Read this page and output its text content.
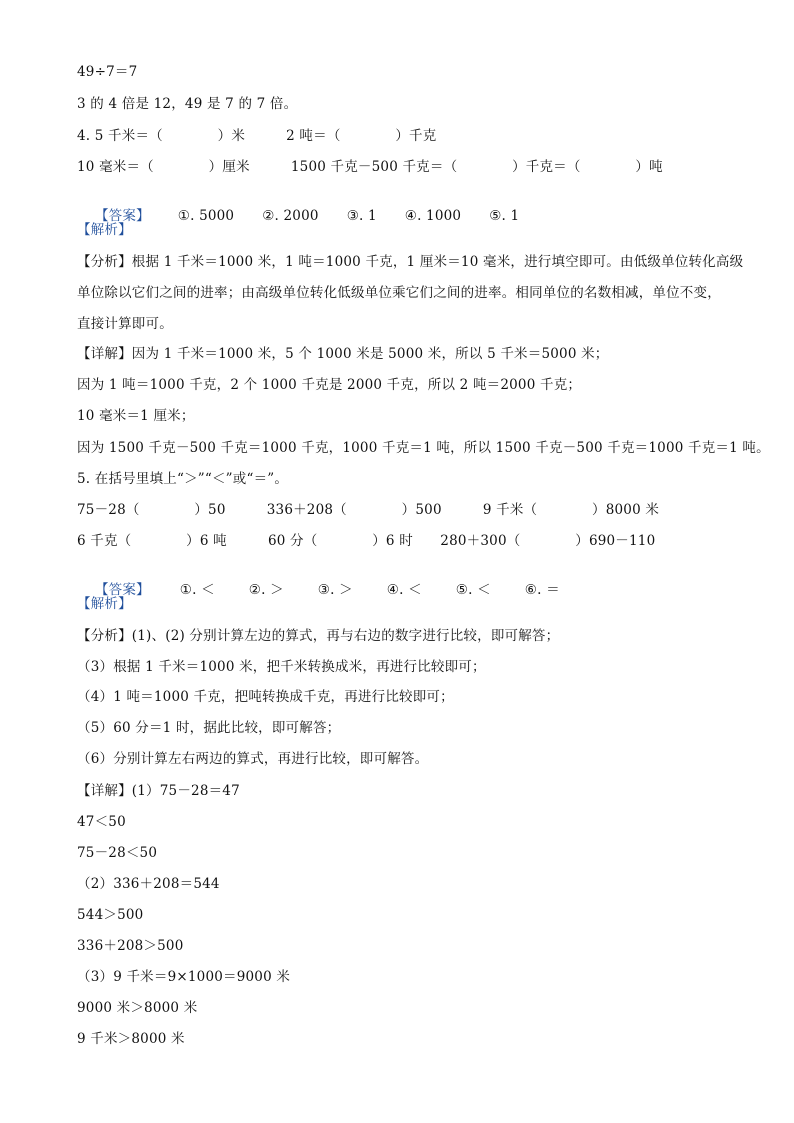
49÷7＝7
3 的 4 倍是 12，49 是 7 的 7 倍。
4. 5 千米＝（　　　　）米　　　2 吨＝（　　　　）千克
10 毫米＝（　　　　）厘米　　　1500 千克－500 千克＝（　　　　）千克＝（　　　　）吨

【答案】 ①. 5000 ②. 2000 ③. 1 ④. 1000 ⑤. 1

【解析】
【分析】根据 1 千米＝1000 米，1 吨＝1000 千克，1 厘米＝10 毫米，进行填空即可。由低级单位转化高级
单位除以它们之间的进率；由高级单位转化低级单位乘它们之间的进率。相同单位的名数相减，单位不变，
直接计算即可。
【详解】因为 1 千米＝1000 米，5 个 1000 米是 5000 米，所以 5 千米＝5000 米；
因为 1 吨＝1000 千克，2 个 1000 千克是 2000 千克，所以 2 吨＝2000 千克；
10 毫米＝1 厘米；
因为 1500 千克－500 千克＝1000 千克，1000 千克＝1 吨，所以 1500 千克－500 千克＝1000 千克＝1 吨。
5. 在括号里填上“＞”“＜”或“＝”。
75－28（　　　　）50　　　336＋208（　　　　）500　　　9 千米（　　　　）8000 米
6 千克（　　　　）6 吨　　　60 分（　　　　）6 时　　280＋300（　　　　）690－110

【答案】 ①. ＜	②. ＞	③. ＞	④. ＜	⑤. ＜	⑥. ＝

【解析】
【分析】(1)、(2) 分别计算左边的算式，再与右边的数字进行比较，即可解答；
（3）根据 1 千米＝1000 米，把千米转换成米，再进行比较即可；
（4）1 吨＝1000 千克，把吨转换成千克，再进行比较即可；
（5）60 分＝1 时，据此比较，即可解答；
（6）分别计算左右两边的算式，再进行比较，即可解答。
【详解】(1）75－28＝47
47＜50
75－28＜50
（2）336＋208＝544
544＞500
336＋208＞500
（3）9 千米＝9×1000＝9000 米
9000 米＞8000 米
9 千米＞8000 米
